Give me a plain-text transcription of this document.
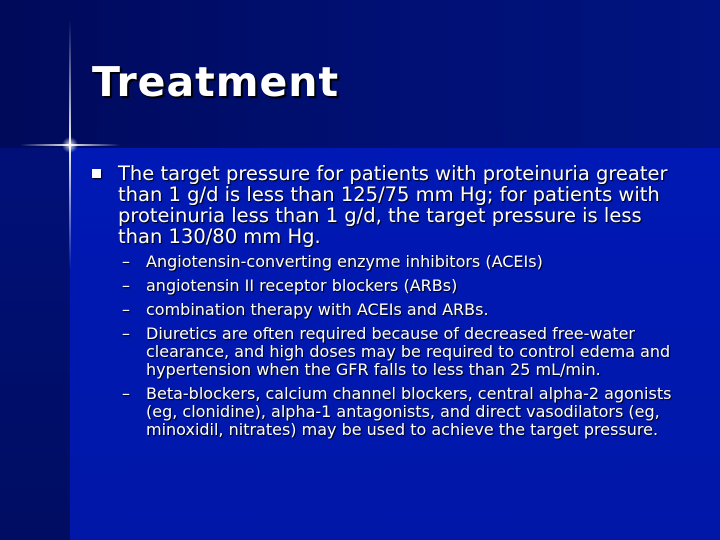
Treatment
The target pressure for patients with proteinuria greater than 1 g/d is less than 125/75 mm Hg; for patients with proteinuria less than 1 g/d, the target pressure is less than 130/80 mm Hg.
– Angiotensin-converting enzyme inhibitors (ACEIs)
– angiotensin II receptor blockers (ARBs)
– combination therapy with ACEIs and ARBs.
– Diuretics are often required because of decreased free-water clearance, and high doses may be required to control edema and hypertension when the GFR falls to less than 25 mL/min.
– Beta-blockers, calcium channel blockers, central alpha-2 agonists (eg, clonidine), alpha-1 antagonists, and direct vasodilators (eg, minoxidil, nitrates) may be used to achieve the target pressure.
